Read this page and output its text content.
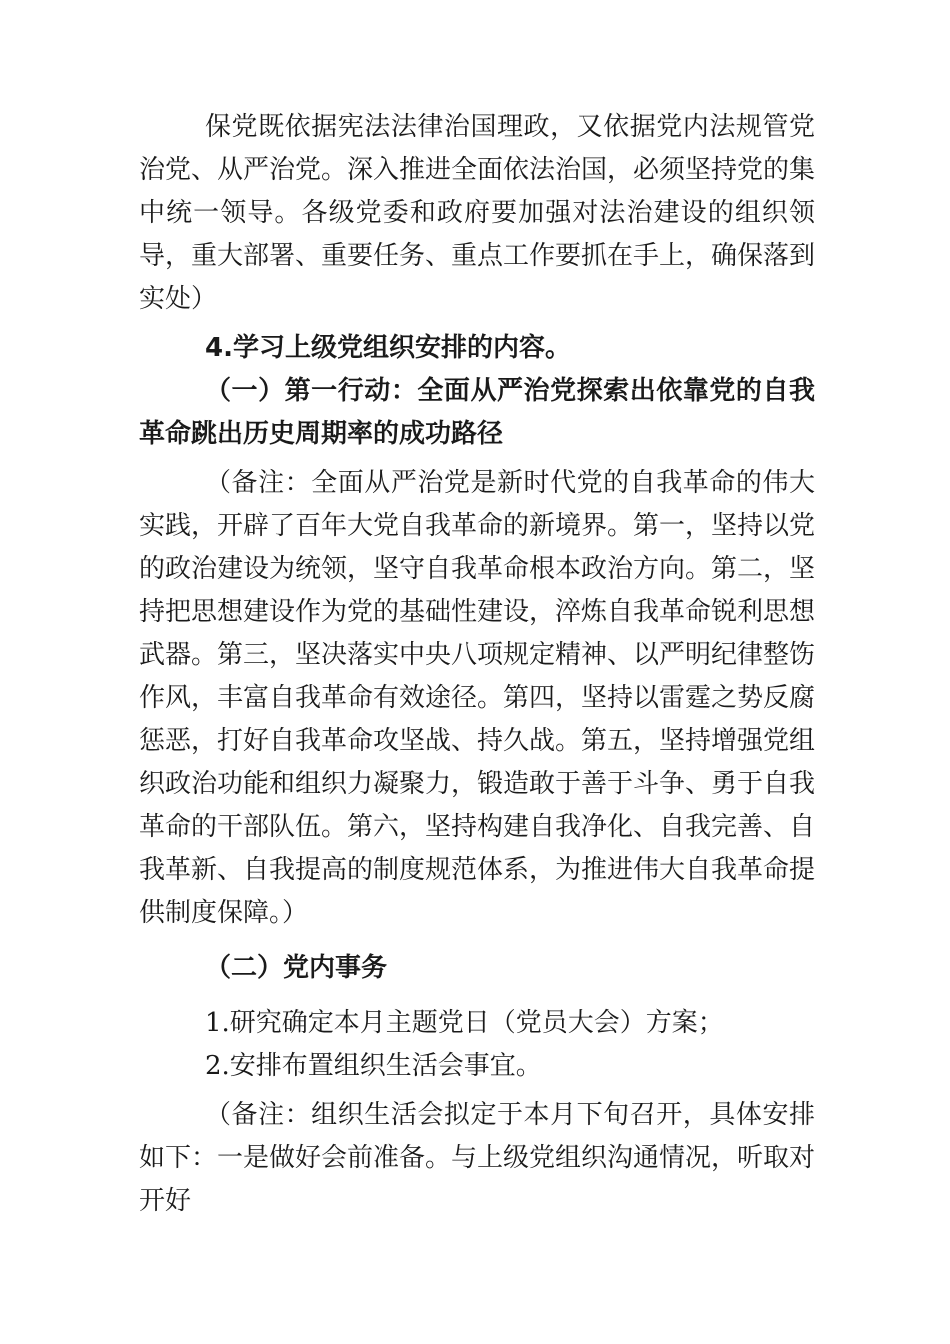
保党既依据宪法法律治国理政，又依据党内法规管党治党、从严治党。深入推进全面依法治国，必须坚持党的集中统一领导。各级党委和政府要加强对法治建设的组织领导，重大部署、重要任务、重点工作要抓在手上，确保落到实处）

4.学习上级党组织安排的内容。

（一）第一行动：全面从严治党探索出依靠党的自我革命跳出历史周期率的成功路径

（备注：全面从严治党是新时代党的自我革命的伟大实践，开辟了百年大党自我革命的新境界。第一，坚持以党的政治建设为统领，坚守自我革命根本政治方向。第二，坚持把思想建设作为党的基础性建设，淬炼自我革命锐利思想武器。第三，坚决落实中央八项规定精神、以严明纪律整饬作风，丰富自我革命有效途径。第四，坚持以雷霆之势反腐惩恶，打好自我革命攻坚战、持久战。第五，坚持增强党组织政治功能和组织力凝聚力，锻造敢于善于斗争、勇于自我革命的干部队伍。第六，坚持构建自我净化、自我完善、自我革新、自我提高的制度规范体系，为推进伟大自我革命提供制度保障。）

（二）党内事务

1.研究确定本月主题党日（党员大会）方案；

2.安排布置组织生活会事宜。

（备注：组织生活会拟定于本月下旬召开，具体安排如下：一是做好会前准备。与上级党组织沟通情况，听取对开好
